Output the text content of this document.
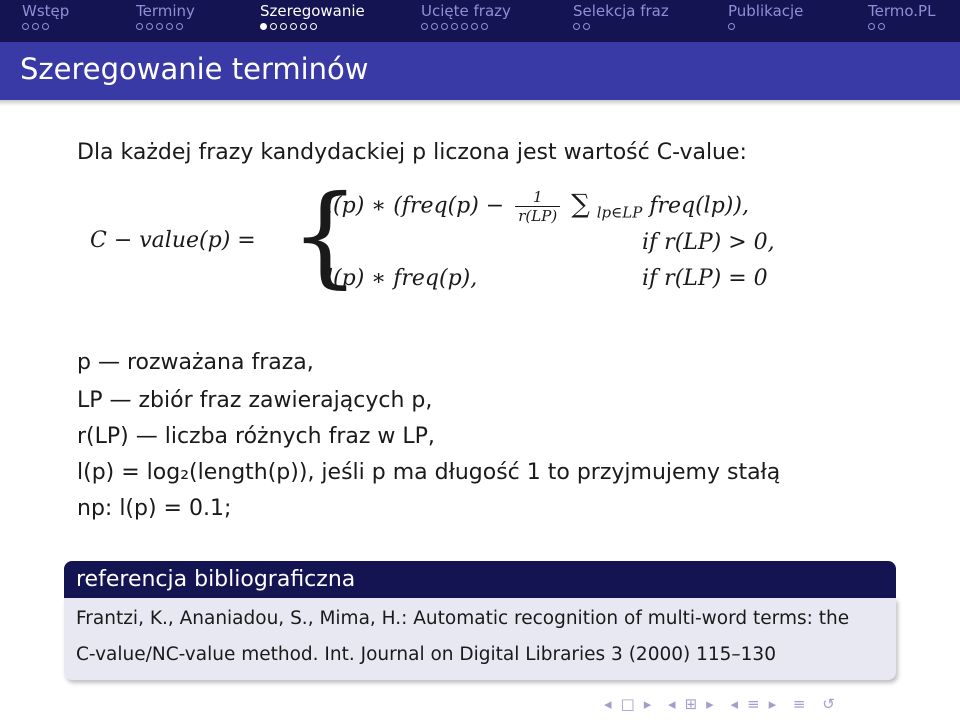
Wstęp	Terminy	Szeregowanie	Ucięte frazy	Selekcja fraz	Publikacje	Termo.PL
Szeregowanie terminów
Dla każdej frazy kandydackiej p liczona jest wartość C-value:
C − value(p) = {
l(p) ∗ (freq(p) − $\frac{1}{r(LP)}$ ∑ $_{lp\in LP}$ freq(lp)),
if r(LP) > 0,
l(p) ∗ freq(p),	if r(LP) = 0
p — rozważana fraza,
LP — zbiór fraz zawierających p,
r(LP) — liczba różnych fraz w LP,
l(p) = log₂(length(p)), jeśli p ma długość 1 to przyjmujemy stałą
np: l(p) = 0.1;
referencja bibliograficzna
Frantzi, K., Ananiadou, S., Mima, H.: Automatic recognition of multi-word terms: the
C-value/NC-value method. Int. Journal on Digital Libraries 3 (2000) 115–130
◂ □ ▸ ◂ ⊞ ▸ ◂ ≡ ▸ ≡ ↺
